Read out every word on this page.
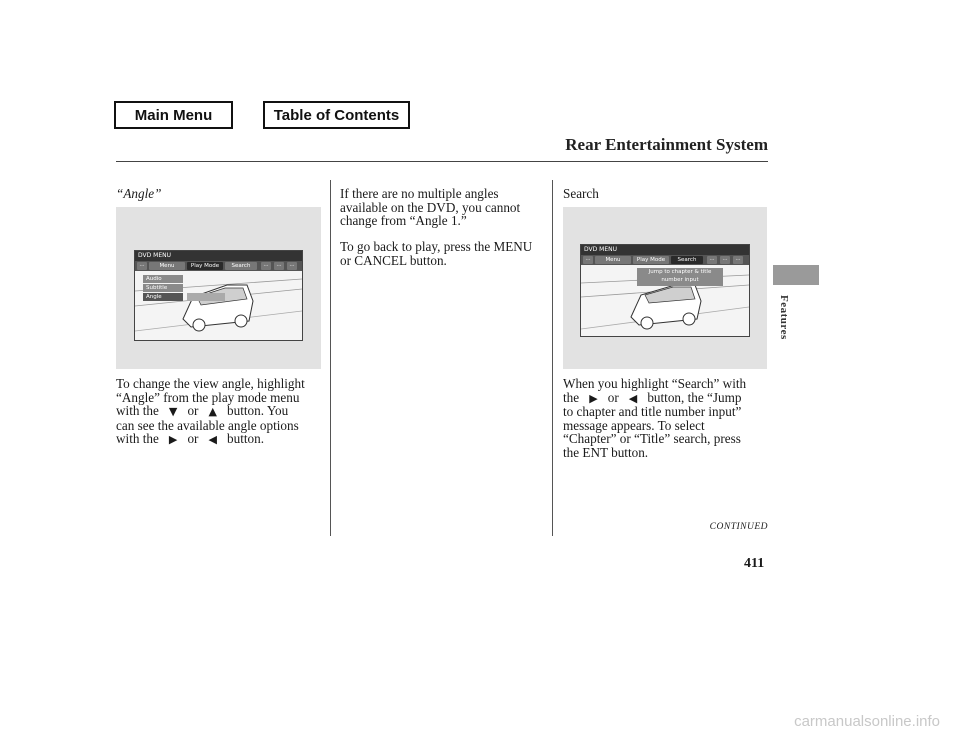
Main Menu	Table of Contents
Rear Entertainment System
Features
“Angle”
DVD MENU
···	Menu	Play Mode	Search	···	···	···
Audio
Subtitle
Angle

To change the view angle, highlight

“Angle” from the play mode menu

with the ▼ or ▲ button. You

can see the available angle options

with the ▶ or ◀ button.

If there are no multiple angles

available on the DVD, you cannot

change from “Angle 1.”

To go back to play, press the MENU

or CANCEL button.

Search
DVD MENU
···	Menu	Play Mode	Search	···	···	···
Jump to chapter & title
number input

When you highlight “Search” with

the ▶ or ◀ button, the “Jump

to chapter and title number input”

message appears. To select

“Chapter” or “Title” search, press

the ENT button.

CONTINUED
411
carmanualsonline.info
